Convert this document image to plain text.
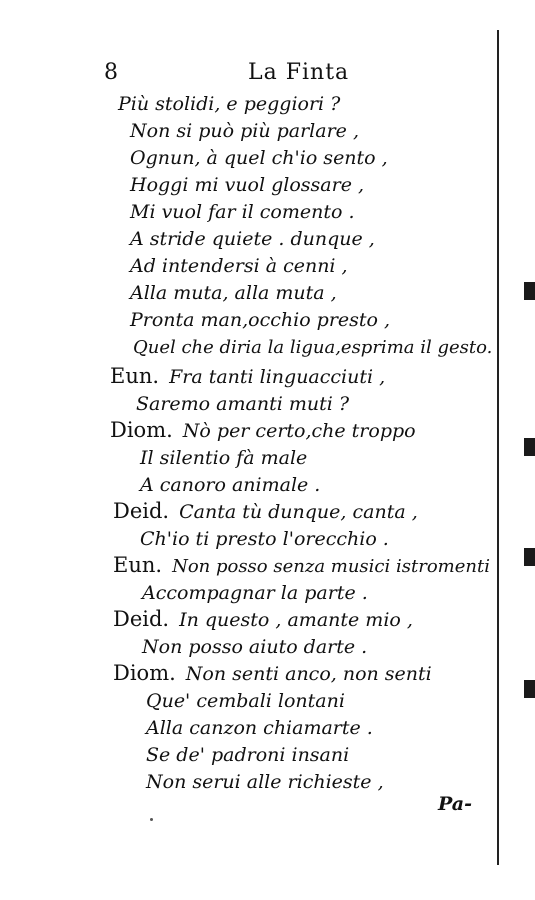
8	La Finta
Più stolidi, e peggiori ?
Non si può più parlare ,
Ognun, à quel ch'io sento ,
Hoggi mi vuol glossare ,
Mi vuol far il comento .
A stride quiete . dunque ,
Ad intendersi à cenni ,
Alla muta, alla muta ,
Pronta man,occhio presto ,
Quel che diria la ligua,esprima il gesto.
Eun. Fra tanti linguacciuti ,
Saremo amanti muti ?
Diom. Nò per certo,che troppo
Il silentio fà male
A canoro animale .
Deid. Canta tù dunque, canta ,
Ch'io ti presto l'orecchio .
Eun. Non posso senza musici istromenti
Accompagnar la parte .
Deid. In questo , amante mio ,
Non posso aiuto darte .
Diom. Non senti anco, non senti
Que' cembali lontani
Alla canzon chiamarte .
Se de' padroni insani
Non serui alle richieste ,
Pa-
